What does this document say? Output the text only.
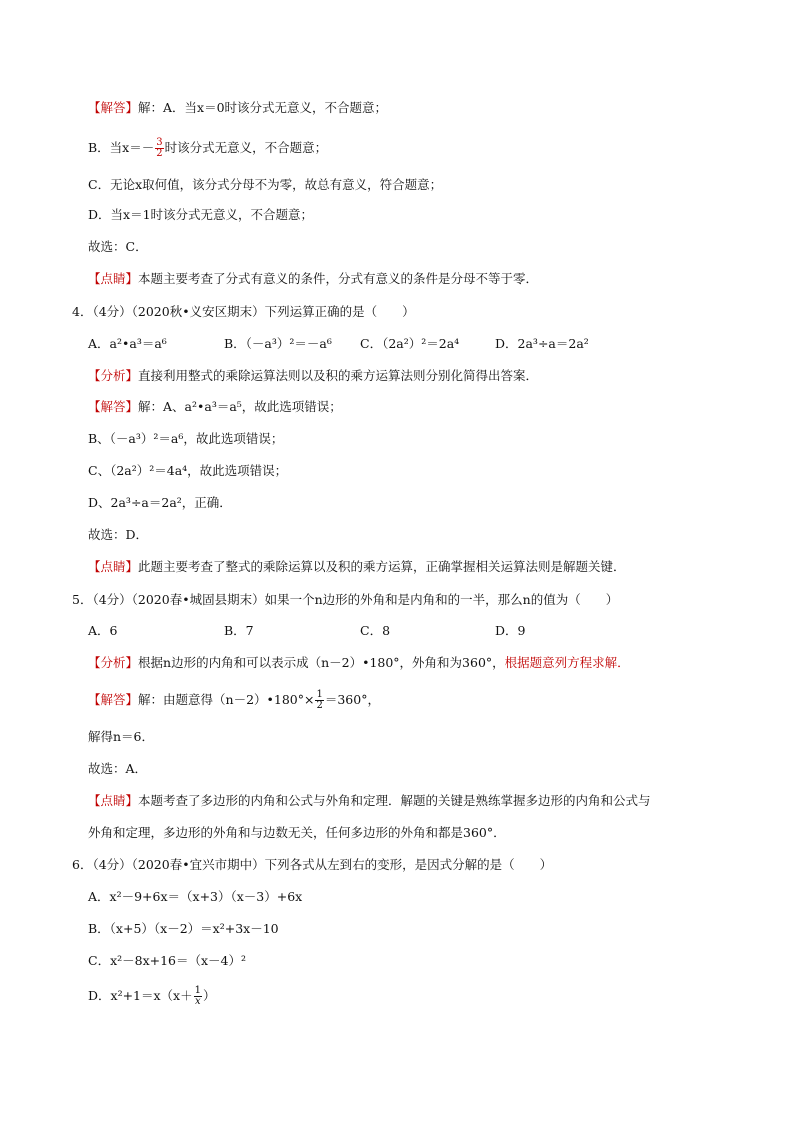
【解答】解：A．当x＝0时该分式无意义，不合题意；
B．当$x=- \frac{3}{2}$ 时该分式无意义，不合题意；
C．无论x取何值，该分式分母不为零，故总有意义，符合题意；
D．当x＝1时该分式无意义，不合题意；
故选：C．
【点睛】本题主要考查了分式有意义的条件，分式有意义的条件是分母不等于零．
4．（4分）（2020秋•义安区期末）下列运算正确的是（　　）
A．a²•a³＝a⁶	B．（－a³）²＝－a⁶ C．（2a²）²＝2a⁴	D．2a³÷a＝2a²
【分析】直接利用整式的乘除运算法则以及积的乘方运算法则分别化简得出答案．
【解答】解：A、a²•a³＝a⁵，故此选项错误；
B、（－a³）²＝a⁶，故此选项错误；
C、（2a²）²＝4a⁴，故此选项错误；
D、2a³÷a＝2a²，正确．
故选：D．
【点睛】此题主要考查了整式的乘除运算以及积的乘方运算，正确掌握相关运算法则是解题关键．
5．（4分）（2020春•城固县期末）如果一个n边形的外角和是内角和的一半，那么n的值为（　　）
A．6	B．7	C．8	D．9
【分析】根据n边形的内角和可以表示成（n－2）•180°，外角和为360°，根据题意列方程求解．
【解答】解：由题意得（n－2）•180°× $\frac{1}{2} =360^\circ$，
解得n＝6．
故选：A．
【点睛】本题考查了多边形的内角和公式与外角和定理．解题的关键是熟练掌握多边形的内角和公式与
外角和定理，多边形的外角和与边数无关，任何多边形的外角和都是360°．
6．（4分）（2020春•宜兴市期中）下列各式从左到右的变形，是因式分解的是（　　）
A．x²－9+6x＝（x+3）（x－3）+6x
B．（x+5）（x－2）＝x²+3x－10
C．x²－8x+16＝（x－4）²
D．$x^2+1=x(x+ \frac{1}{x}$ ）
